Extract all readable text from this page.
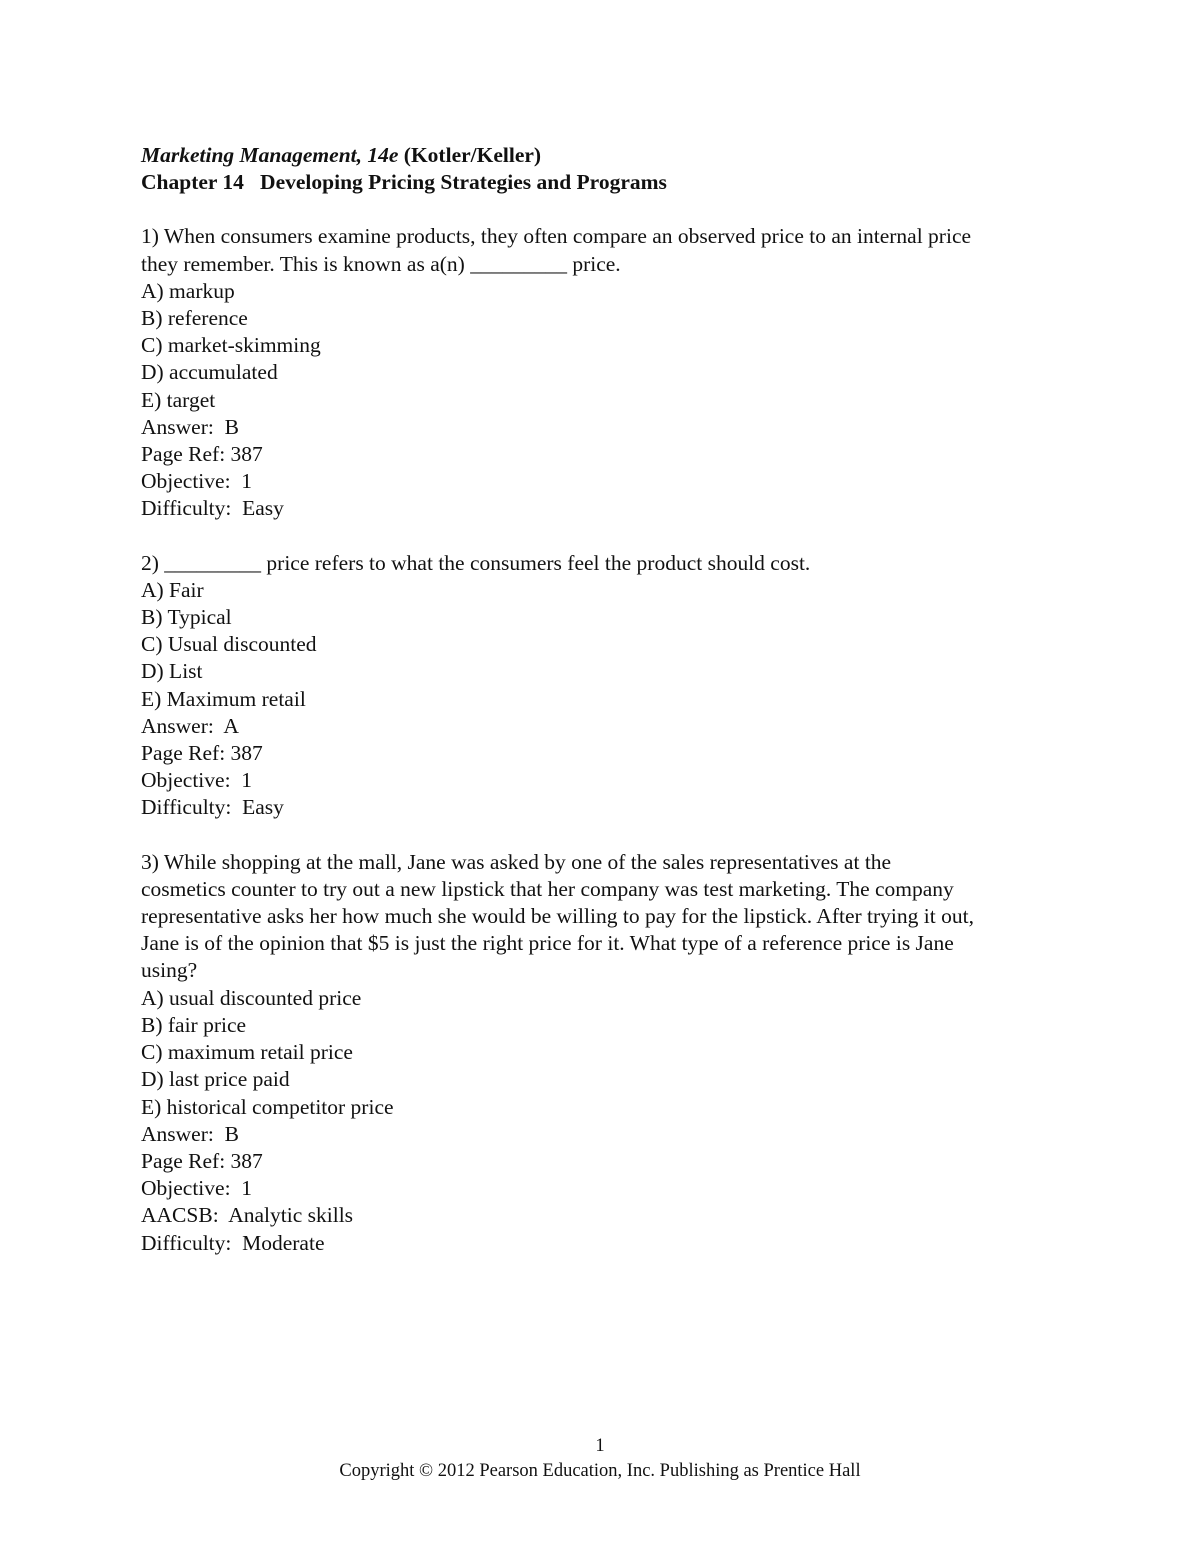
Marketing Management, 14e (Kotler/Keller)
Chapter 14   Developing Pricing Strategies and Programs
1) When consumers examine products, they often compare an observed price to an internal price
they remember. This is known as a(n) _________ price.
A) markup
B) reference
C) market-skimming
D) accumulated
E) target
Answer:  B
Page Ref: 387
Objective:  1
Difficulty:  Easy
2) _________ price refers to what the consumers feel the product should cost.
A) Fair
B) Typical
C) Usual discounted
D) List
E) Maximum retail
Answer:  A
Page Ref: 387
Objective:  1
Difficulty:  Easy
3) While shopping at the mall, Jane was asked by one of the sales representatives at the
cosmetics counter to try out a new lipstick that her company was test marketing. The company
representative asks her how much she would be willing to pay for the lipstick. After trying it out,
Jane is of the opinion that $5 is just the right price for it. What type of a reference price is Jane
using?
A) usual discounted price
B) fair price
C) maximum retail price
D) last price paid
E) historical competitor price
Answer:  B
Page Ref: 387
Objective:  1
AACSB:  Analytic skills
Difficulty:  Moderate
1
Copyright © 2012 Pearson Education, Inc. Publishing as Prentice Hall
